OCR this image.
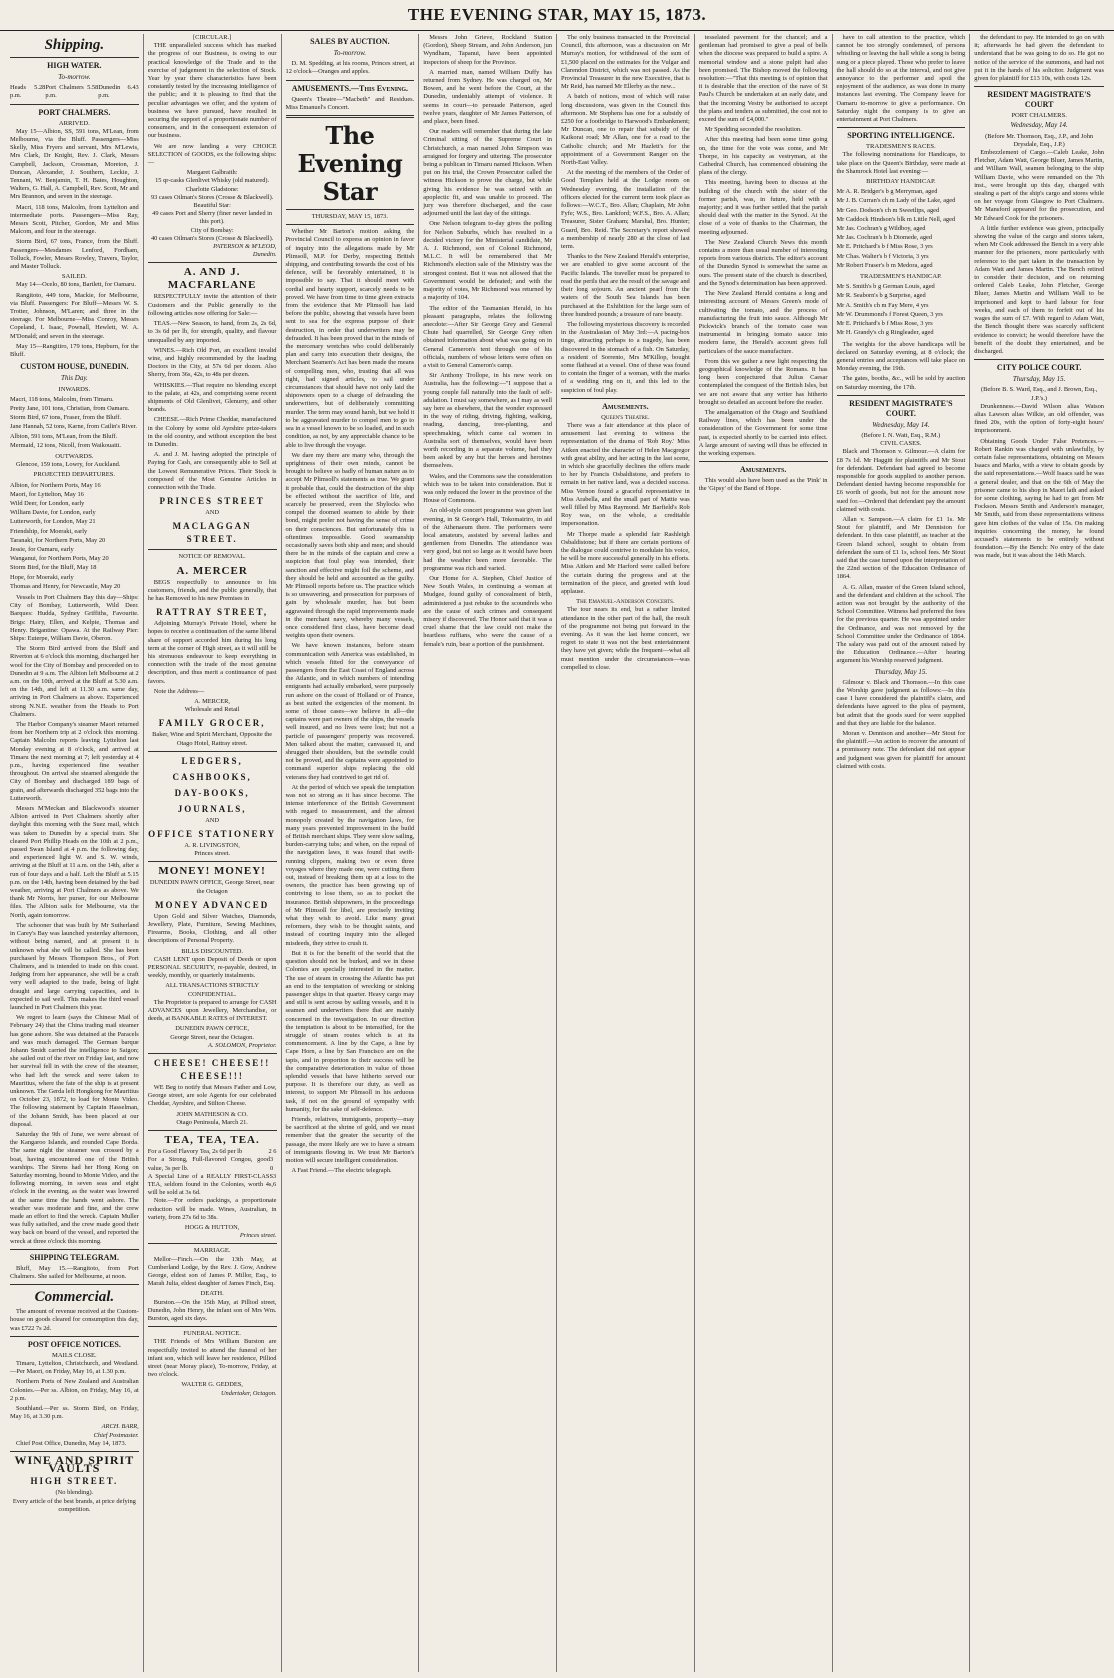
THE EVENING STAR, MAY 15, 1873.
Shipping.
HIGH WATER.
To-morrow.
Heads 5.28 p.m.
Port Chalmers 5.58 p.m.
Dunedin 6.43 p.m.
PORT CHALMERS.
ARRIVED.

May 15—Albion, SS, 591 tons, M'Lean, from Melbourne, via the Bluff. Passengers—Miss Skelly, Miss Fryers and servant, Mrs M'Lewis, Mrs Clark, Dr Knight, Rev. J. Clark, Messrs Campbell, Jackson, Crossman, Moreton, J. Duncan, Alexander, J. Southern, Leckie, J. Tennant, W. Benjamin, T. H. Bates, Houghton, Walters, G. Hall, A. Campbell, Rev. Scott, Mr and Mrs Brannon, and seven in the steerage.

Macri, 118 tons, Malcolm, from Lyttelton and intermediate ports. Passengers—Miss Ray, Messrs Scott, Pitcher, Gordon, Mr and Miss Malcom, and four in the steerage.

Storm Bird, 67 tons, France, from the Bluff. Passengers—Mesdames Lenford, Fordham, Tolluck, Fowler, Messrs Rowley, Travers, Taylor, and Master Tolluck.

SAILED.

May 14—Ocelo, 80 tons, Bartlett, for Oamaru.

Rangitoto, 449 tons, Mackie, for Melbourne, via Bluff. Passengers: For Bluff—Messrs W. S. Trotter, Johnson, M'Laren; and three in the steerage. For Melbourne—Miss Conroy, Messrs Copeland, I. Isaac, Pownall, Hewlett, W. A. M'Donald; and seven in the steerage.

May 15—Rangitiro, 179 tons, Hepburn, for the Bluff.

CUSTOM HOUSE, DUNEDIN.
This Day.
INWARDS.
Macri, 118 tons, Malcolm, from Timaru.
Pretty Jane, 101 tons, Christian, from Oamaru.
Storm Bird, 67 tons, Fraser, from the Bluff.
Jane Hannah, 52 tons, Karne, from Catlin's River.
Albion, 591 tons, M'Lean, from the Bluff.
Mermaid, 12 tons, Nicoll, from Waikouaiti.
OUTWARDS.

Glencoe, 159 tons, Lowry, for Auckland.

PROJECTED DEPARTURES.
Albion, for Northern Ports, May 16
Maori, for Lyttelton, May 16
Wild Deer, for London, early
William Davie, for London, early
Lutterworth, for London, May 21
Friendship, for Moeraki, early
Taranaki, for Northern Ports, May 20
Jessie, for Oamaru, early
Wanganui, for Northern Ports, May 20
Storm Bird, for the Bluff, May 18
Hope, for Moeraki, early
Thomas and Henry, for Newcastle, May 20

Vessels in Port Chalmers Bay this day—Ships: City of Bombay, Lutterworth, Wild Deer. Barques: Hudda, Sydney Griffiths, Favourite. Brigs: Hairy, Ellen, and Kelpie, Thomas and Henry. Brigantine: Opawa. At the Railway Pier: Ships: Euterpe, William Davie, Oberon.

The Storm Bird arrived from the Bluff and Riverton at 6 o'clock this morning, discharged her wool for the City of Bombay and proceeded on to Dunedin at 9 a.m. The Albion left Melbourne at 2 a.m. on the 10th, arrived at the Bluff at 5.30 a.m. on the 14th, and left at 11.30 a.m. same day, arriving in Port Chalmers as above. Experienced strong N.N.E. weather from the Heads to Port Chalmers.

The Harbor Company's steamer Maori returned from her Northern trip at 2 o'clock this morning. Captain Malcolm reports leaving Lyttelton last Monday evening at 8 o'clock, and arrived at Timaru the next morning at 7; left yesterday at 4 p.m., having experienced fine weather throughout. On arrival she steamed alongside the City of Bombay and discharged 189 bags of grain, and afterwards discharged 352 bags into the Lutterworth.

Messrs M'Meckan and Blackwood's steamer Albion arrived in Port Chalmers shortly after daylight this morning with the Suez mail, which was taken to Dunedin by a special train. She cleared Port Phillip Heads on the 10th at 2 p.m., passed Swan Island at 4 p.m. the following day, and experienced light W. and S. W. winds, arriving at the Bluff at 11 a.m. on the 14th, after a run of four days and a half. Left the Bluff at 5.15 p.m. on the 14th, having been detained by the bad weather, arriving at Port Chalmers as above. We thank Mr Norris, her purser, for our Melbourne files. The Albion sails for Melbourne, via the North, again tomorrow.

The schooner that was built by Mr Sutherland in Carey's Bay was launched yesterday afternoon, without being named, and at present it is unknown what she will be called. She has been purchased by Messrs Thompson Bros., of Port Chalmers, and is intended to trade on this coast. Judging from her appearance, she will be a craft very well adapted to the trade, being of light draught and large carrying capacities, and is expected to sail well. This makes the third vessel launched in Port Chalmers this year.

We regret to learn (says the Chinese Mail of February 24) that the China trading mail steamer has gone ashore. She was detained at the Paracels and was much damaged. The German barque Johann Smidt carried the intelligence to Saigon; she sailed out of the river on Friday last, and now her survival fell in with the crew of the steamer, who had left the wreck and were taken to Mauritius, where the fate of the ship is at present unknown. The Gerda left Hongkong for Mauritius on October 23, 1872, to load for Monte Video. The following statement by Captain Hasselman, of the Johann Smidt, has been placed at our disposal.

Saturday the 9th of June, we were abreast of the Kangaroo Islands, and rounded Cape Borda. The same night the steamer was crossed by a boat, having encountered one of the British warships. The Sirens had her Hong Kong on Saturday morning, bound to Monte Video, and the following morning, in seven seas and eight o'clock in the evening, as the water was lowered at the same time the hands went ashore. The weather was moderate and fine, and the crew made an effort to find the wreck. Captain Muller was fully satisfied, and the crew made good their way back on board of the vessel, and reported the wreck at three o'clock this morning.

SHIPPING TELEGRAM.

Bluff, May 15.—Rangitoto, from Port Chalmers. She sailed for Melbourne, at noon.

Commercial.

The amount of revenue received at the Custom-house on goods cleared for consumption this day, was £722 7s 2d.

POST OFFICE NOTICES.
MAILS CLOSE.

Timaru, Lyttelton, Christchurch, and Westland.—Per Maori, on Friday, May 16, at 1.30 p.m.

Northern Ports of New Zealand and Australian Colonies.—Per ss. Albion, on Friday, May 16, at 2 p.m.

Southland.—Per ss. Storm Bird, on Friday, May 16, at 3.30 p.m.

ARCH. BARR,
Chief Postmaster.

Chief Post Office, Dunedin, May 14, 1873.

WINE AND SPIRIT VAULTS
HIGH STREET.
(No blending).
Every article of the best brands, at price defying competition.
[CIRCULAR.]

THE unparalleled success which has marked the progress of our Business, is owing to our practical knowledge of the Trade and to the exercise of judgement in the selection of Stock. Year by year there characteristics have been constantly tested by the increasing intelligence of the public; and it is pleasing to find that the peculiar advantages we offer, and the system of business we have pursued, have resulted in securing the support of a proportionate number of consumers, and in the consequent extension of our business.

We are now landing a very CHOICE SELECTION of GOODS, ex the following ships:—

Margaret Galbraith:
15 qr-casks Glenlivet Whisky (old matured).
Charlotte Gladstone:
93 cases Oilman's Stores (Crosse & Blackwell).
Beautiful Star:
49 cases Port and Sherry (finer never landed in this port).
City of Bombay:
40 cases Oilman's Stores (Crosse & Blackwell).
PATERSON & M'LEOD,
Dunedin.
A. AND J. MACFARLANE

RESPECTFULLY invite the attention of their Customers and the Public generally to the following articles now offering for Sale:—

TEAS.—New Season, to hand, from 2s, 2s 6d, to 3s 6d per lb, for strength, quality, and flavour unequalled by any imported.

WINES.—Rich Old Port, an excellent invalid wine, and highly recommended by the leading Doctors in the City, at 57s 6d per dozen. Also Sherry, from 36s, 42s, to 48s per dozen.

WHISKIES.—That require no blending except to the palate, at 42s, and comprising some recent shipments of Old Glenlivet, Glenurry, and other brands.

CHEESE.—Rich Prime Cheddar, manufactured in the Colony by some old Ayrshire prize-takers in the old country, and without exception the best in Dunedin.

A. and J. M. having adopted the principle of Paying for Cash, are consequently able to Sell at the Lowest Remunerative Prices. Their Stock is composed of the Most Genuine Articles in connection with the Trade.

PRINCES STREET
AND
MACLAGGAN STREET.
NOTICE OF REMOVAL.
A. MERCER

BEGS respectfully to announce to his customers, friends, and the public generally, that he has Removed to his new Premises in

RATTRAY STREET,

Adjoining Murray's Private Hotel, where he hopes to receive a continuation of the same liberal share of support accorded him during his long term at the corner of High street, as it will still be his strenuous endeavour to keep everything in connection with the trade of the most genuine description, and thus merit a continuance of past favors.

Note the Address—

A. MERCER,
Wholesale and Retail
FAMILY GROCER,
Baker, Wine and Spirit Merchant, Opposite the Otago Hotel, Rattray street.
LEDGERS,
CASHBOOKS,
DAY-BOOKS,
JOURNALS,
AND
OFFICE STATIONERY
A. R. LIVINGSTON,
Princes street.
MONEY! MONEY!
DUNEDIN PAWN OFFICE, George Street, near the Octagon
MONEY ADVANCED

Upon Gold and Silver Watches, Diamonds, Jewellery, Plate, Furniture, Sewing Machines, Firearms, Books, Clothing, and all other descriptions of Personal Property.

BILLS DISCOUNTED.

CASH LENT upon Deposit of Deeds or upon PERSONAL SECURITY, re-payable, desired, in weekly, monthly, or quarterly instalments.

ALL TRANSACTIONS STRICTLY CONFIDENTIAL.

The Proprietor is prepared to arrange for CASH ADVANCES upon Jewellery, Merchandise, or deeds, at BANKABLE RATES of INTEREST.

DUNEDIN PAWN OFFICE,
George Street, near the Octagon.
A. SOLOMON, Proprietor.
CHEESE! CHEESE!! CHEESE!!!

WE Beg to notify that Messrs Father and Low, George street, are sole Agents for our celebrated Cheddar, Ayrshire, and Stilton Cheese.

JOHN MATHESON & CO.
Otago Peninsula, March 21.
TEA, TEA, TEA.
For a Good Flavory Tea, 2s 6d per lb	2 6
For a Strong, Full-flavored Congou, good value, 3s per lb.
3 0
A Special Line of a REALLY FIRST-CLASS TEA, seldom found in the Colonies, worth 4s, will be sold at 3s 6d.
3 6

Note.—For orders packings, a proportionate reduction will be made. Wines, Australian, in variety, from 27s 6d to 38s.

HOGG & HUTTON,
Princes street.
MARRIAGE.

Mellor—Finch.—On the 13th May, at Cumberland Lodge, by the Rev. J. Gow, Andrew George, eldest son of James P. Millor, Esq., to Marah Julia, eldest daughter of James Finch, Esq.

DEATH.

Burston.—On the 15th May, at Pilliod street, Dunedin, John Henry, the infant son of Mrs Wm. Burston, aged six days.

FUNERAL NOTICE.

THE Friends of Mrs William Burston are respectfully invited to attend the funeral of her infant son, which will leave her residence, Pilliod street (near Moray place), To-morrow, Friday, at two o'clock.

WALTER G. GEDDES,
Undertaker, Octagon.
SALES BY AUCTION.
To-morrow.

D. M. Spedding, at his rooms, Princes street, at 12 o'clock—Oranges and apples.

AMUSEMENTS.—This Evening.

Queen's Theatre—"Macbeth" and Residues. Miss Emanuel's Concert.

The Evening Star
THURSDAY, MAY 15, 1873.

Whether Mr Barton's motion asking the Provincial Council to express an opinion in favor of inquiry into the allegations made by Mr Plimsoll, M.P. for Derby, respecting British shipping, and contributing towards the cost of his defence, will be favorably entertained, it is impossible to say. That it should meet with cordial and hearty support, scarcely needs to be proved. We have from time to time given extracts from the evidence that Mr Plimsoll has laid before the public, showing that vessels have been sent to sea for the express purpose of their destruction, in order that underwriters may be defrauded. It has been proved that in the minds of the mercenary wretches who could deliberately plan and carry into execution their designs, the Merchant Seamen's Act has been made the means of compelling men, who, trusting that all was right, had signed articles, to sail under circumstances that should have not only laid the shipowners open to a charge of defrauding the underwriters, but of deliberately committing murder. The term may sound harsh, but we hold it to be aggravated murder to compel men to go to sea in a vessel known to be so loaded, and in such condition, as not, by any appreciable chance to be able to live through the voyage.

We dare my there are many who, through the uprightness of their own minds, cannot be brought to believe so badly of human nature as to accept Mr Plimsoll's statements as true. We grant it probable that, could the destruction of the ship be effected without the sacrifice of life, and scarcely be preserved, even the Shylocks who compel the doomed seamen to abide by their bond, might prefer not having the sense of crime on their consciences. But unfortunately this is oftentimes impossible. Good seamanship occasionally saves both ship and men; and should there be in the minds of the captain and crew a suspicion that foul play was intended, their sanction and effective might foil the scheme, and they should be held and accounted as the guilty. Mr Plimsoll reports before us. The practice which is so unwavering, and prosecution for purposes of gain by wholesale murder, has but been aggravated through the rapid improvements made in the merchant navy, whereby many vessels, once considered first class, have become dead weights upon their owners.

We have known instances, before steam communication with America was established, in which vessels fitted for the conveyance of passengers from the East Coast of England across the Atlantic, and in which numbers of intending emigrants had actually embarked, were purposely run ashore on the coast of Holland or of France, as best suited the exigencies of the moment. In some of those cases—we believe in all—the captains were part owners of the ships, the vessels well insured, and no lives were lost; but not a particle of passengers' property was recovered. Men talked about the matter, canvassed it, and shrugged their shoulders, but the swindle could not be proved, and the captains were appointed to command superior ships replacing the old veterans they had contrived to get rid of.

At the period of which we speak the temptation was not so strong as it has since become. The intense interference of the British Government with regard to measurement, and the almost monopoly created by the navigation laws, for many years prevented improvement in the build of British merchant ships. They were slow sailing, burden-carrying tubs; and when, on the repeal of the navigation laws, it was found that swift-running clippers, making two or even three voyages where they made one, were cutting them out, instead of breaking them up at a loss to the owners, the practice has been growing up of contriving to lose them, so as to pocket the insurance. British shipowners, in the proceedings of Mr Plimsoll for libel, are precisely inviting what they wish to avoid. Like many great reformers, they wish to be thought saints, and instead of courting inquiry into the alleged misdeeds, they strive to crush it.

But it is for the benefit of the world that the question should not be burked, and we in these Colonies are specially interested in the matter. The use of steam in crossing the Atlantic has put an end to the temptation of wrecking or sinking passenger ships in that quarter. Heavy cargo may and still is sent across by sailing vessels, and it is seamen and underwriters there that are mainly concerned in the investigation. In our direction the temptation is about to be intensified, for the struggle of steam routes which is at its commencement. A line by the Cape, a line by Cape Horn, a line by San Francisco are on the tapis, and in proportion to their success will be the comparative deterioration in value of those splendid vessels that have hitherto served our purpose. It is therefore our duty, as well as interest, to support Mr Plimsoll in his arduous task, if not on the ground of sympathy with humanity, for the sake of self-defence.

Friends, relatives, immigrants, property—may be sacrificed at the shrine of gold, and we must remember that the greater the security of the passage, the more likely are we to have a stream of immigrants flowing in. We trust Mr Barton's motion will secure intelligent consideration.

A Fast Friend.—The electric telegraph.

Messrs John Grieve, Rockland Station (Gordon), Sheep Stream, and John Anderson, jun Wyndham, Tapanui, have been appointed inspectors of sheep for the Province.

A married man, named William Duffy has returned from Sydney. He was charged on, Mr Bowen, and he went before the Court, at the Dunedin, undeniably attempt of violence. It seems in court—to persuade Patterson, aged twelve years, daughter of Mr James Patterson, of and place, been fined.

Our readers will remember that during the late Criminal sitting of the Supreme Court in Christchurch, a man named John Simpson was arraigned for forgery and uttering. The prosecutor being a publican in Timaru named Hickson. When put on his trial, the Crown Prosecutor called the witness Hickson to prove the charge, but while giving his evidence he was seized with an apoplectic fit, and was unable to proceed. The jury was therefore discharged, and the case adjourned until the last day of the sittings.

One Nelson telegram to-day gives the polling for Nelson Suburbs, which has resulted in a decided victory for the Ministerial candidate, Mr A. J. Richmond, son of Colonel Richmond, M.L.C. It will be remembered that Mr Richmond's election sale of the Ministry was the strongest contest. But it was not allowed that the Government would be defeated; and with the majority of votes, Mr Richmond was returned by a majority of 104.

The editor of the Tasmanian Herald, in his pleasant paragraphs, relates the following anecdote:—After Sir George Grey and General Chute had quarrelled, Sir George Grey often obtained information about what was going on in General Cameron's tent through one of his officials, numbers of whose letters were often on a visit to General Cameron's camp.

Sir Anthony Trollope, in his new work on Australia, has the following:—"I suppose that a young couple fall naturally into the fault of self-adulation. I must say somewhere, as I may as well say here as elsewhere, that the wonder expressed in the way of riding, driving, fighting, walking, reading, dancing, tree-planting, and speechmaking, which came cal women in Australia sort of themselves, would have been worth recording in a separate volume, had they been asked by any but the heroes and heroines themselves.

Wales, and the Commons saw the consideration which was to be taken into consideration. But it was only reduced the lower in the province of the House of Commons.

An old-style concert programme was given last evening, in St George's Hall, Tokomairiro, in aid of the Athenaeum there. The performers were local amateurs, assisted by several ladies and gentlemen from Dunedin. The attendance was very good, but not so large as it would have been had the weather been more favorable. The programme was rich and varied.

Our Home for A. Stephen, Chief Justice of New South Wales, in continuing a woman at Mudgee, found guilty of concealment of birth, administered a just rebuke to the scoundrels who are the cause of such crimes and consequent misery if discovered. The Honor said that it was a cruel shame that the law could not make the heartless ruffians, who were the cause of a female's ruin, bear a portion of the punishment.

The only business transacted in the Provincial Council, this afternoon, was a discussion on Mr Murray's motion, for withdrawal of the sum of £1,500 placed on the estimates for the Vulgar and Clarendon District, which was not passed. As the Provincial Treasurer in the new Executive, that is Mr Reid, has named Mr Ellerby as the new...

A batch of notices, most of which will raise long discussions, was given in the Council this afternoon. Mr Stephens has one for a subsidy of £250 for a footbridge to Harwood's Embankment; Mr Duncan, one to repair that subsidy of the Kaikorai road; Mr Allan, one for a road to the Catholic church; and Mr Hazlett's for the appointment of a Government Ranger on the North-East Valley.

At the meeting of the members of the Order of Good Templars held at the Lodge room on Wednesday evening, the installation of the officers elected for the current term took place as follows:—W.C.T., Bro. Allan; Chaplain, Mr John Fyfe; W.S., Bro. Lankford; W.F.S., Bro. A. Allan; Treasurer, Sister Graham; Marshal, Bro. Hunter; Guard, Bro. Reid. The Secretary's report showed a membership of nearly 280 at the close of last term.

Thanks to the New Zealand Herald's enterprise, we are enabled to give some account of the Pacific Islands. The traveller must be prepared to read the perils that are the result of the savage and their long sojourn. An ancient pearl from the waters of the South Sea Islands has been purchased at the Exhibition for the large sum of three hundred pounds; a treasure of rare beauty.

The following mysterious discovery is recorded in the Australasian of May 3rd:—A pacing-box tinge, attracting perhaps to a tragedy, has been discovered in the stomach of a fish. On Saturday, a resident of Sorrento, Mrs M'Killop, bought some flathead at a vessel. One of these was found to contain the finger of a woman, with the marks of a wedding ring on it, and this led to the suspicion of foul play.

Amusements.
Queen's Theatre.

There was a fair attendance at this place of amusement last evening to witness the representation of the drama of 'Rob Roy.' Miss Aitken enacted the character of Helen Macgregor with great ability, and her acting in the last scene, in which she gracefully declines the offers made to her by Francis Osbaldistone, and prefers to remain in her native land, was a decided success. Miss Vernon found a graceful representative in Miss Arabella, and the small part of Mattie was well filled by Miss Raymond. Mr Barfield's Rob Roy was, on the whole, a creditable impersonation.

Mr Thorpe made a splendid fair Rashleigh Osbaldistone; but if there are certain portions of the dialogue could contrive to modulate his voice, he will be more successful generally in his efforts. Miss Aitken and Mr Harford were called before the curtain during the progress and at the termination of the piece, and greeted with loud applause.

The Emanuel-Anderson Concerts.

The tour nears its end, but a rather limited attendance in the other part of the hall, the result of the programme not being put forward in the evening. As it was the last home concert, we regret to state it was not the best entertainment they have yet given; while the frequent—what all must mention under the circumstances—was compelled to close.

tesselated pavement for the chancel; and a gentleman had promised to give a peal of bells when the diocese was prepared to build a spire. A memorial window and a stone pulpit had also been promised. The Bishop moved the following resolution:—"That this meeting is of opinion that it is desirable that the erection of the nave of St Paul's Church be undertaken at an early date, and that the incoming Vestry be authorised to accept the plans and tenders as submitted, the cost not to exceed the sum of £4,000."

Mr Spedding seconded the resolution.

After this meeting had been some time going on, the time for the vote was come, and Mr Thorpe, in his capacity as vestryman, at the Cathedral Church, has commenced obtaining the plans of the clergy.

This meeting, having been to discuss at the building of the church with the sister of the former parish, was, in future, held with a majority; and it was further settled that the parish should deal with the matter in the Synod. At the close of a vote of thanks to the Chairman, the meeting adjourned.

The New Zealand Church News this month contains a more than usual number of interesting reports from various districts. The editor's account of the Dunedin Synod is somewhat the same as ours. The present state of the church is described, and the Synod's determination has been approved.

The New Zealand Herald contains a long and interesting account of Messrs Green's mode of cultivating the tomato, and the process of manufacturing the fruit into sauce. Although Mr Pickwick's branch of the tomato case was instrumental in bringing tomato sauce into modern fame, the Herald's account gives full particulars of the sauce manufacture.

From this we gather a new light respecting the geographical knowledge of the Romans. It has long been conjectured that Julius Caesar contemplated the conquest of the British Isles, but we are not aware that any writer has hitherto brought so detailed an account before the reader.

The amalgamation of the Otago and Southland Railway lines, which has been under the consideration of the Government for some time past, is expected shortly to be carried into effect. A large amount of saving will thus be effected in the working expenses.

Amusements.

This would also have been used as the 'Pink' in the 'Gipsy' of the Band of Hope.

have to call attention to the practice, which cannot be too strongly condemned, of persons whistling or leaving the hall while a song is being sung or a piece played. Those who prefer to leave the hall should do so at the interval, and not give annoyance to the performer and spoil the enjoyment of the audience, as was done in many instances last evening. The Company leave for Oamaru to-morrow to give a performance. On Saturday night the company is to give an entertainment at Port Chalmers.

SPORTING INTELLIGENCE.
TRADESMEN'S RACES.

The following nominations for Handicaps, to take place on the Queen's Birthday, were made at the Shamrock Hotel last evening:—

BIRTHDAY HANDICAP.
Mr A. R. Bridger's b g Merryman, aged
Mr J. B. Curran's ch m Lady of the Lake, aged
Mr Geo. Dodson's ch m Sweetlips, aged
Mr Caddock Hindson's blk m Little Nell, aged
Mr Jas. Cochran's g Wildboy, aged
Mr Jas. Cochran's b h Diomede, aged
Mr E. Pritchard's b f Miss Rose, 3 yrs
Mr Chas. Walter's b f Victoria, 3 yrs
Mr Robert Fraser's b m Medora, aged
TRADESMEN'S HANDICAP.
Mr S. Smith's b g German Louis, aged
Mr R. Seaborn's b g Surprise, aged
Mr A. Smith's ch m Fay Mere, 4 yrs
Mr W. Drummond's f Forest Queen, 3 yrs
Mr E. Pritchard's b f Miss Rose, 3 yrs
Mr H. Grandy's ch g Ringleader, aged

The weights for the above handicaps will be declared on Saturday evening, at 8 o'clock; the general entries and acceptances will take place on Monday evening, the 19th.

The gates, booths, &c., will be sold by auction on Saturday morning, the 17th.

RESIDENT MAGISTRATE'S COURT.
Wednesday, May 14.
(Before I. N. Watt, Esq., R.M.)
CIVIL CASES.

Black and Thomson v. Gilmour.—A claim for £8 7s 1d. Mr Haggitt for plaintiffs and Mr Stout for defendant. Defendant had agreed to become responsible for goods supplied to another person. Defendant denied having become responsible for £6 worth of goods, but not for the amount now sued for.—Ordered that defendant pay the amount claimed with costs.

Allan v. Sampson.—A claim for £1 1s. Mr Stout for plaintiff, and Mr Denniston for defendant. In this case plaintiff, as teacher at the Green Island school, sought to obtain from defendant the sum of £1 1s, school fees. Mr Stout said that the case turned upon the interpretation of the 22nd section of the Education Ordinance of 1864.

A. G. Allan, master of the Green Island school, and the defendant and children at the school. The action was not brought by the authority of the School Committee. Witness had preferred the fees for the previous quarter. He was appointed under the Ordinance, and was not removed by the School Committee under the Ordinance of 1864. The salary was paid out of the amount raised by the Education Ordinance.—After hearing argument his Worship reserved judgment.

Thursday, May 15.

Gilmour v. Black and Thomson.—In this case the Worship gave judgment as follows:—In this case I have considered the plaintiff's claim, and defendants have agreed to the plea of payment, but admit that the goods sued for were supplied and that they are liable for the balance.

Moran v. Dennison and another—Mr Stout for the plaintiff.—An action to recover the amount of a promissory note. The defendant did not appear and judgment was given for plaintiff for amount claimed with costs.

the defendant to pay. He intended to go on with it; afterwards he had given the defendant to understand that he was going to do so. He got no notice of the service of the summons, and had not put it in the hands of his solicitor. Judgment was given for plaintiff for £13 10s, with costs 12s.

RESIDENT MAGISTRATE'S COURT
PORT CHALMERS.
Wednesday, May 14.
(Before Mr. Thomson, Esq., J.P., and John Drysdale, Esq., J.P.)

Embezzlement of Cargo.—Caleb Leake, John Fletcher, Adam Watt, George Bluer, James Martin, and William Wall, seamen belonging to the ship William Davie, who were remanded on the 7th inst., were brought up this day, charged with stealing a part of the ship's cargo and stores while on her voyage from Glasgow to Port Chalmers. Mr Mansford appeared for the prosecution, and Mr Edward Cook for the prisoners.

A little further evidence was given, principally showing the value of the cargo and stores taken, when Mr Cook addressed the Bench in a very able manner for the prisoners, more particularly with reference to the part taken in the transaction by Adam Watt and James Martin. The Bench retired to consider their decision, and on returning ordered Caleb Leake, John Fletcher, George Bluer, James Martin and William Wall to be imprisoned and kept to hard labour for four weeks, and each of them to forfeit out of his wages the sum of £7. With regard to Adam Watt, the Bench thought there was scarcely sufficient evidence to convict; he would therefore have the benefit of the doubt they entertained, and be discharged.

CITY POLICE COURT.
Thursday, May 15.
(Before B. S. Ward, Esq., and J. Brown, Esq., J.P.'s.)

Drunkenness.—David Wilson alias Watson alias Lawson alias Wilkie, an old offender, was fined 20s, with the option of forty-eight hours' imprisonment.

Obtaining Goods Under False Pretences.—Robert Rankin was charged with unlawfully, by certain false representations, obtaining on Messrs Isaacs and Marks, with a view to obtain goods by the said representations.—Wolf Isaacs said he was a general dealer, and that on the 6th of May the prisoner came to his shop in Maori lath and asked for some clothing, saying he had to get from Mr Fockson. Messrs Smith and Anderson's manager, Mr Smith, said from these representations witness gave him clothes of the value of 15s. On making inquiries concerning the money, he found accused's statements to be entirely without foundation.—By the Bench: No entry of the date was made, but it was about the 14th March.
